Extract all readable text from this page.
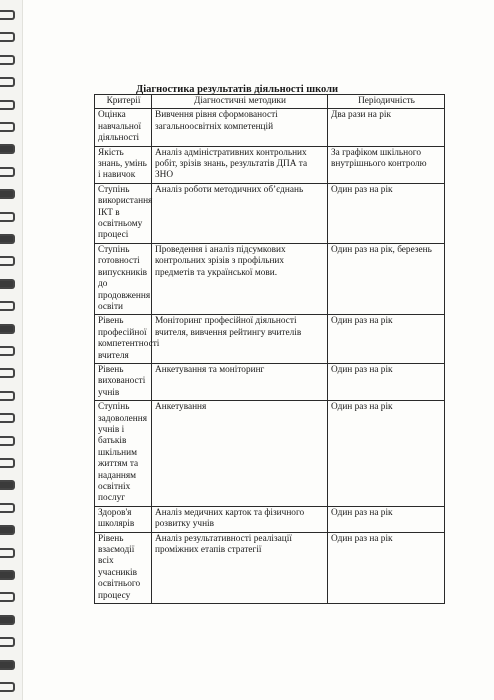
Діагностика результатів діяльності школи
Критерії	Діагностичні методики	Періодичність
Оцінка навчальної діяльності	Вивчення рівня сформованості загальноосвітніх компетенцій	Два рази на рік
Якість знань, умінь і навичок	Аналіз адміністративних контрольних робіт, зрізів знань, результатів ДПА та ЗНО	За графіком шкільного внутрішнього контролю
Ступінь використання ІКТ в освітньому процесі	Аналіз роботи методичних об’єднань	Один раз на рік
Ступінь готовності випускників до продовження освіти	Проведення і аналіз підсумкових контрольних зрізів з профільних предметів та української мови.	Один раз на рік, березень
Рівень професійної компетентності вчителя	Моніторинг професійної діяльності вчителя, вивчення рейтингу вчителів	Один раз на рік
Рівень вихованості учнів	Анкетування та моніторинг	Один раз на рік
Ступінь задоволення учнів і батьків шкільним життям та наданням освітніх послуг	Анкетування	Один раз на рік
Здоров'я школярів	Аналіз медичних карток та фізичного розвитку учнів	Один раз на рік
Рівень взаємодії всіх учасників освітнього процесу	Аналіз результативності реалізації проміжних етапів стратегії	Один раз на рік
